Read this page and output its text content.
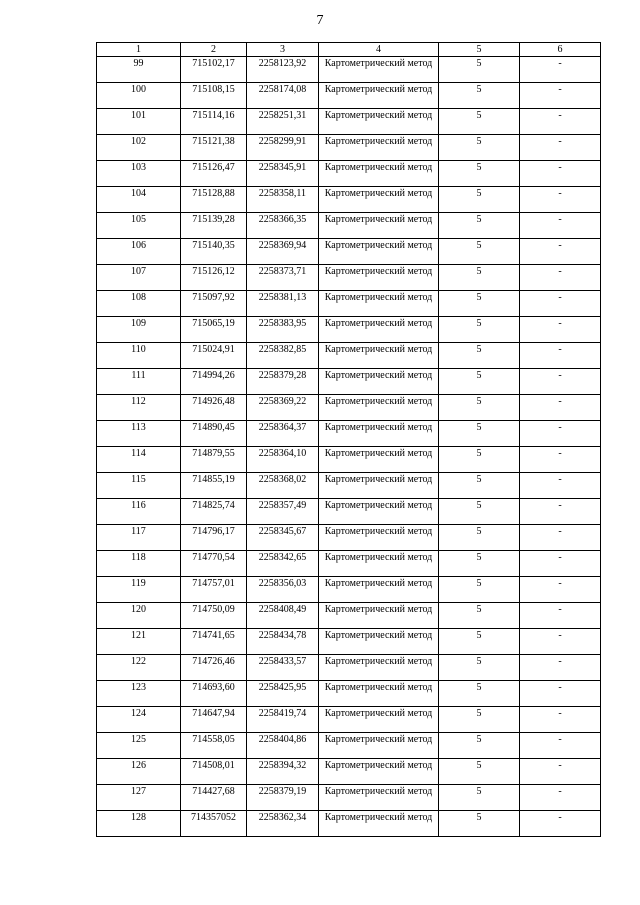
7
1	2	3	4	5	6
99	715102,17	2258123,92	Картометрический метод	5	-
100	715108,15	2258174,08	Картометрический метод	5	-
101	715114,16	2258251,31	Картометрический метод	5	-
102	715121,38	2258299,91	Картометрический метод	5	-
103	715126,47	2258345,91	Картометрический метод	5	-
104	715128,88	2258358,11	Картометрический метод	5	-
105	715139,28	2258366,35	Картометрический метод	5	-
106	715140,35	2258369,94	Картометрический метод	5	-
107	715126,12	2258373,71	Картометрический метод	5	-
108	715097,92	2258381,13	Картометрический метод	5	-
109	715065,19	2258383,95	Картометрический метод	5	-
110	715024,91	2258382,85	Картометрический метод	5	-
111	714994,26	2258379,28	Картометрический метод	5	-
112	714926,48	2258369,22	Картометрический метод	5	-
113	714890,45	2258364,37	Картометрический метод	5	-
114	714879,55	2258364,10	Картометрический метод	5	-
115	714855,19	2258368,02	Картометрический метод	5	-
116	714825,74	2258357,49	Картометрический метод	5	-
117	714796,17	2258345,67	Картометрический метод	5	-
118	714770,54	2258342,65	Картометрический метод	5	-
119	714757,01	2258356,03	Картометрический метод	5	-
120	714750,09	2258408,49	Картометрический метод	5	-
121	714741,65	2258434,78	Картометрический метод	5	-
122	714726,46	2258433,57	Картометрический метод	5	-
123	714693,60	2258425,95	Картометрический метод	5	-
124	714647,94	2258419,74	Картометрический метод	5	-
125	714558,05	2258404,86	Картометрический метод	5	-
126	714508,01	2258394,32	Картометрический метод	5	-
127	714427,68	2258379,19	Картометрический метод	5	-
128	714357052	2258362,34	Картометрический метод	5	-
